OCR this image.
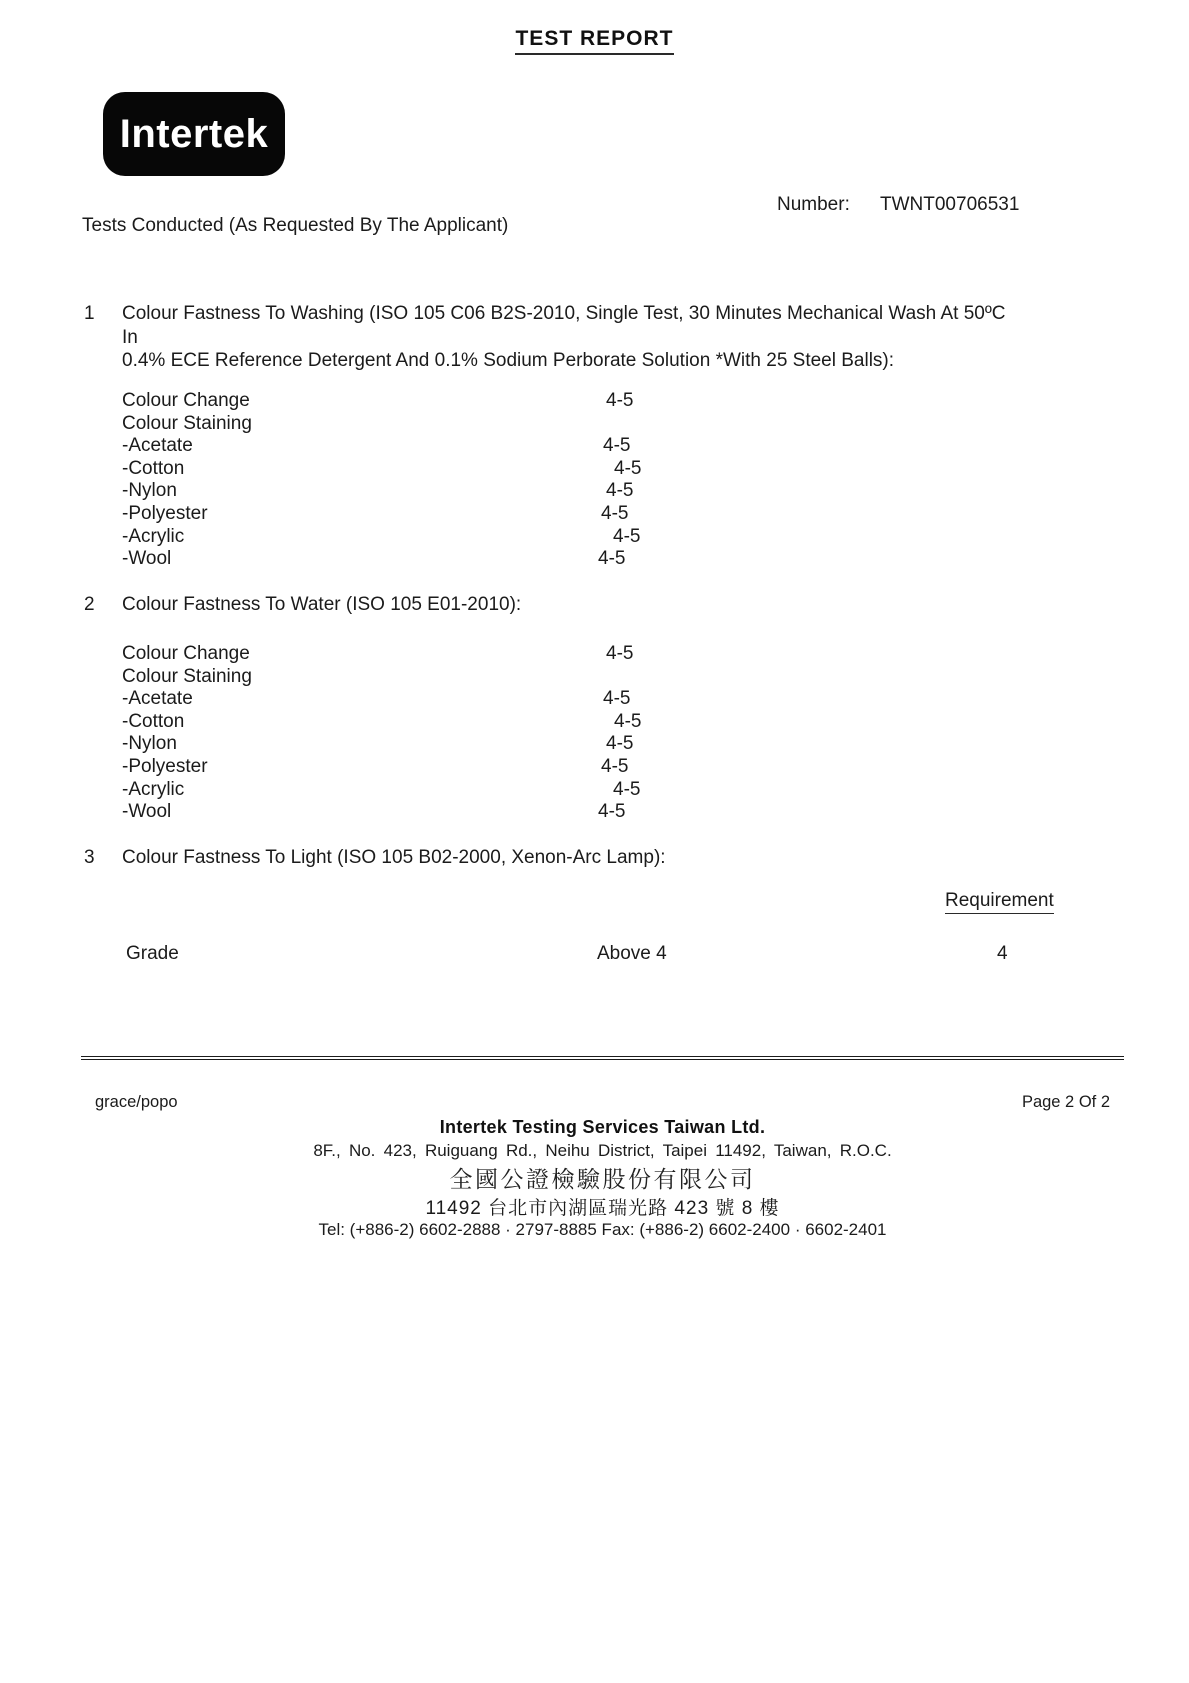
TEST REPORT
Intertek
Number: TWNT00706531
Tests Conducted (As Requested By The Applicant)
1 Colour Fastness To Washing (ISO 105 C06 B2S-2010, Single Test, 30 Minutes Mechanical Wash At 50ºC In
0.4% ECE Reference Detergent And 0.1% Sodium Perborate Solution *With 25 Steel Balls):
Colour Change	4-5
Colour Staining
-Acetate	4-5
-Cotton	4-5
-Nylon	4-5
-Polyester	4-5
-Acrylic	4-5
-Wool	4-5
2 Colour Fastness To Water (ISO 105 E01-2010):
Colour Change	4-5
Colour Staining
-Acetate	4-5
-Cotton	4-5
-Nylon	4-5
-Polyester	4-5
-Acrylic	4-5
-Wool	4-5
3 Colour Fastness To Light (ISO 105 B02-2000, Xenon-Arc Lamp):
Requirement
Grade	Above 4	4
grace/popo	Page 2 Of 2
Intertek Testing Services Taiwan Ltd.
8F., No. 423, Ruiguang Rd., Neihu District, Taipei 11492, Taiwan, R.O.C.
全國公證檢驗股份有限公司
11492 台北市內湖區瑞光路 423 號 8 樓
Tel: (+886-2) 6602-2888 · 2797-8885 Fax: (+886-2) 6602-2400 · 6602-2401
